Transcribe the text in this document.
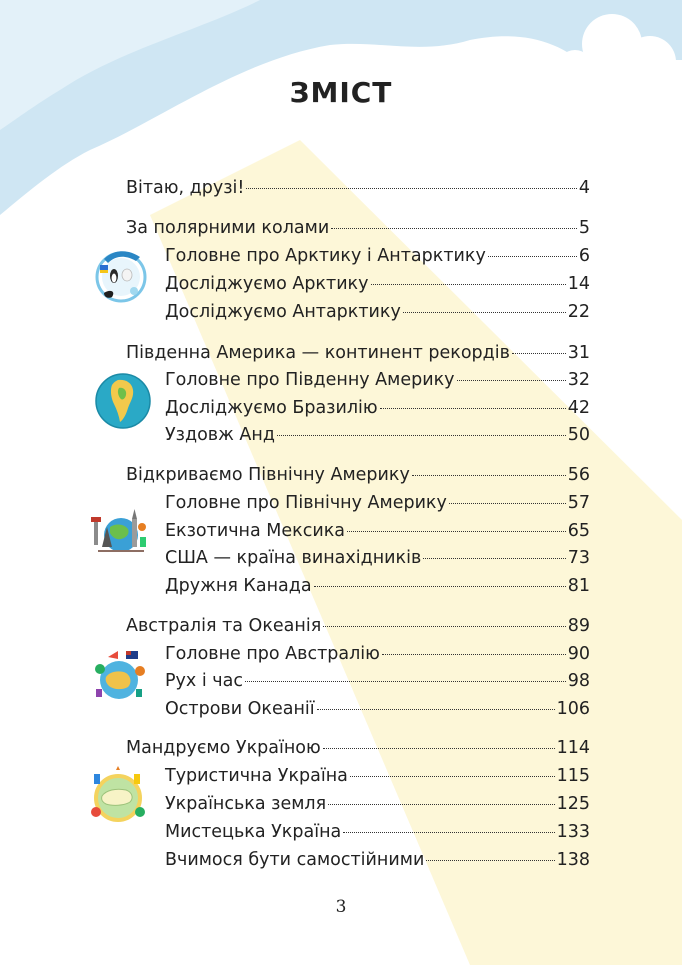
ЗМІСТ
Вітаю, друзі!	4
За полярними колами	5
Головне про Арктику і Антарктику	6
Досліджуємо Арктику	14
Досліджуємо Антарктику	22
Південна Америка — континент рекордів	31
Головне про Південну Америку	32
Досліджуємо Бразилію	42
Уздовж Анд	50
Відкриваємо Північну Америку	56
Головне про Північну Америку	57
Екзотична Мексика	65
США — країна винахідників	73
Дружня Канада	81
Австралія та Океанія	89
Головне про Австралію	90
Рух і час	98
Острови Океанії	106
Мандруємо Україною	114
Туристична Україна	115
Українська земля	125
Мистецька Україна	133
Вчимося бути самостійними	138
3
